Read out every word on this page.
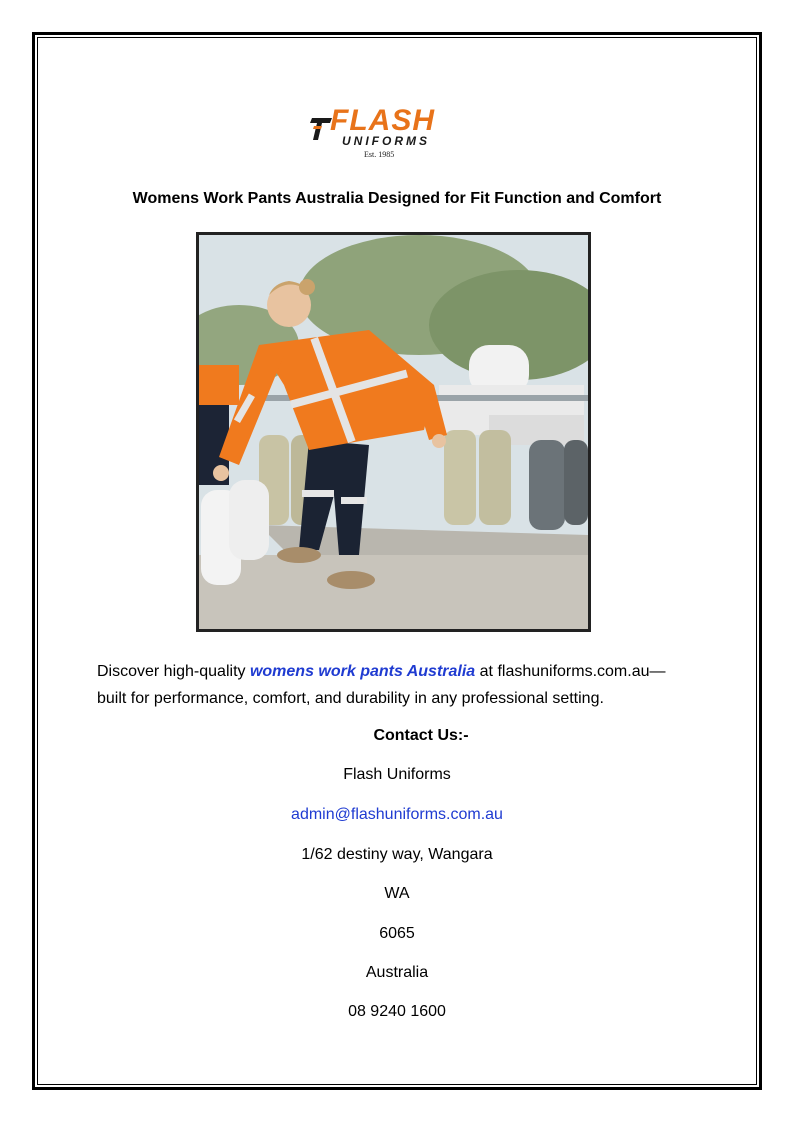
FLASH
UNIFORMS
Est. 1985
Womens Work Pants Australia Designed for Fit Function and Comfort
Discover high-quality womens work pants Australia at flashuniforms.com.au—
built for performance, comfort, and durability in any professional setting.
Contact Us:-
Flash Uniforms
admin@flashuniforms.com.au
1/62 destiny way, Wangara
WA
6065
Australia
08 9240 1600
